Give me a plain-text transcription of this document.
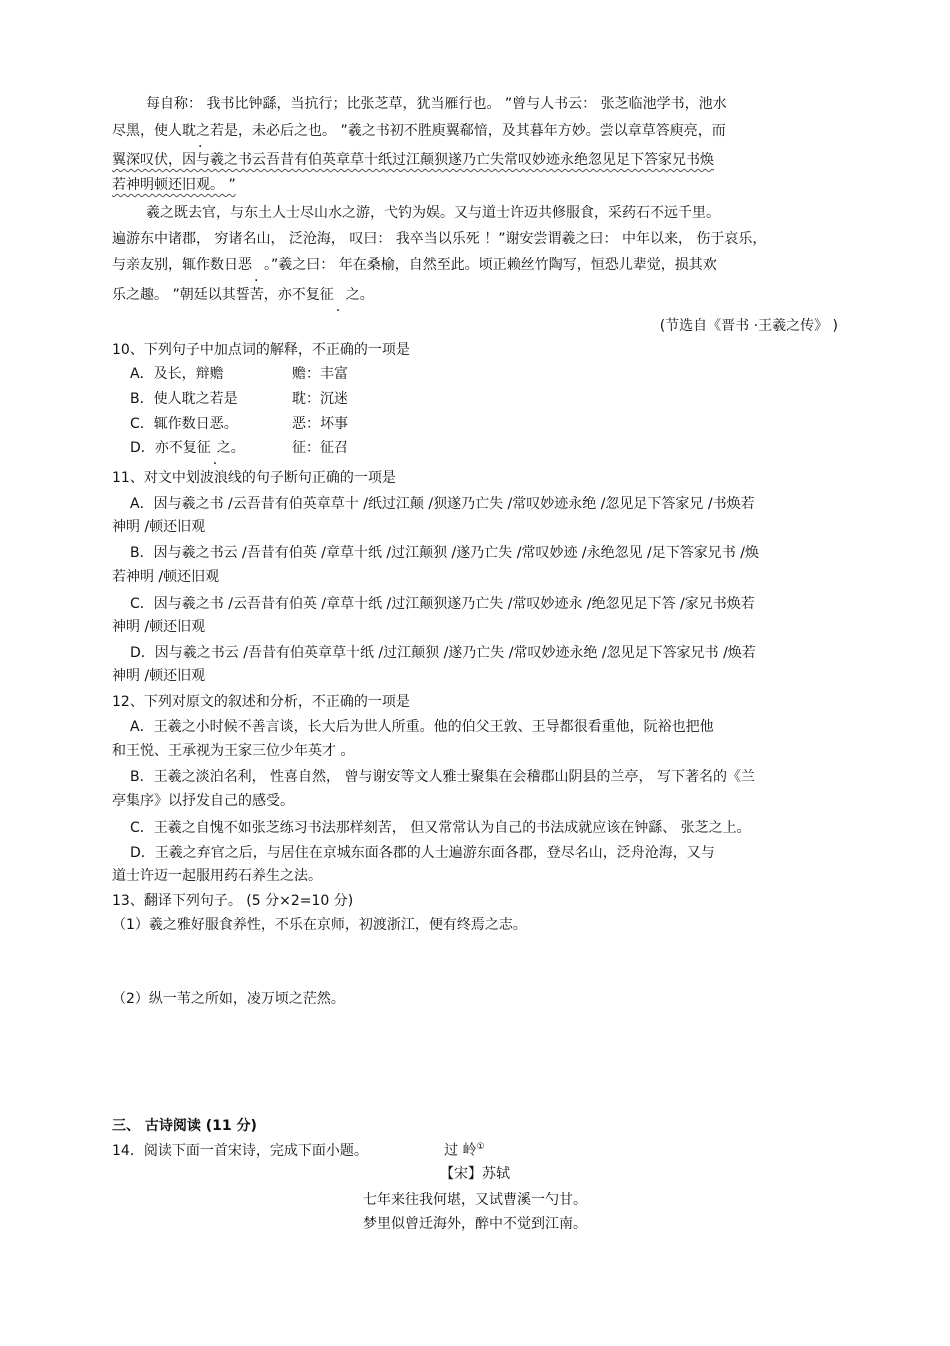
每自称： 我书比钟繇，当抗行；比张芝草，犹当雁行也。 ”曾与人书云： 张芝临池学书，池水
尽黑，使人耽之若是，未必后之也。 ”羲之书初不胜庾翼郗愔，及其暮年方妙。尝以章草答庾亮，而
翼深叹伏，因与羲之书云吾昔有伯英章草十纸过江颠狈遂乃亡失常叹妙迹永绝忽见足下答家兄书焕
若神明顿还旧观。 ”
羲之既去官，与东土人士尽山水之游，弋钓为娱。又与道士许迈共修服食，采药石不远千里。
遍游东中诸郡， 穷诸名山， 泛沧海， 叹曰： 我卒当以乐死 ！”谢安尝谓羲之曰： 中年以来， 伤于哀乐，
与亲友别，辄作数日恶 . 。”羲之曰： 年在桑榆，自然至此。顷正赖丝竹陶写，恒恐儿辈觉，损其欢
乐之趣。 ”朝廷以其誓苦，亦不复征 . 之。
(节选自《晋书 ·王羲之传》 )
10、下列句子中加点词的解释，不正确的一项是
A．及长，辩赡	赡：丰富
B．使人耽之若是	耽：沉迷
C．辄作数日恶。	恶：坏事
D．亦不复征 . 之。	征：征召
11、对文中划波浪线的句子断句正确的一项是
A．因与羲之书 /云吾昔有伯英章草十 /纸过江颠 /狈遂乃亡失 /常叹妙迹永绝 /忽见足下答家兄 /书焕若
神明 /顿还旧观
B．因与羲之书云 /吾昔有伯英 /章草十纸 /过江颠狈 /遂乃亡失 /常叹妙迹 /永绝忽见 /足下答家兄书 /焕
若神明 /顿还旧观
C．因与羲之书 /云吾昔有伯英 /章草十纸 /过江颠狈遂乃亡失 /常叹妙迹永 /绝忽见足下答 /家兄书焕若
神明 /顿还旧观
D．因与羲之书云 /吾昔有伯英章草十纸 /过江颠狈 /遂乃亡失 /常叹妙迹永绝 /忽见足下答家兄书 /焕若
神明 /顿还旧观
12、下列对原文的叙述和分析，不正确的一项是
A．王羲之小时候不善言谈，长大后为世人所重。他的伯父王敦、王导都很看重他，阮裕也把他
和王悦、王承视为王家三位少年英才 。
B．王羲之淡泊名利， 性喜自然， 曾与谢安等文人雅士聚集在会稽郡山阴县的兰亭， 写下著名的《兰
亭集序》以抒发自己的感受。
C．王羲之自愧不如张芝练习书法那样刻苦， 但又常常认为自己的书法成就应该在钟繇、 张芝之上。
D．王羲之弃官之后，与居住在京城东面各郡的人士遍游东面各郡，登尽名山，泛舟沧海，又与
道士许迈一起服用药石养生之法。
13、翻译下列句子。 (5 分×2=10 分)
（1）羲之雅好服食养性，不乐在京师，初渡浙江，便有终焉之志。
（2）纵一苇之所如，凌万顷之茫然。
三、 古诗阅读 (11 分)
14．阅读下面一首宋诗，完成下面小题。	过 岭①
【宋】苏轼
七年来往我何堪，又试曹溪一勺甘。
梦里似曾迁海外，醉中不觉到江南。
